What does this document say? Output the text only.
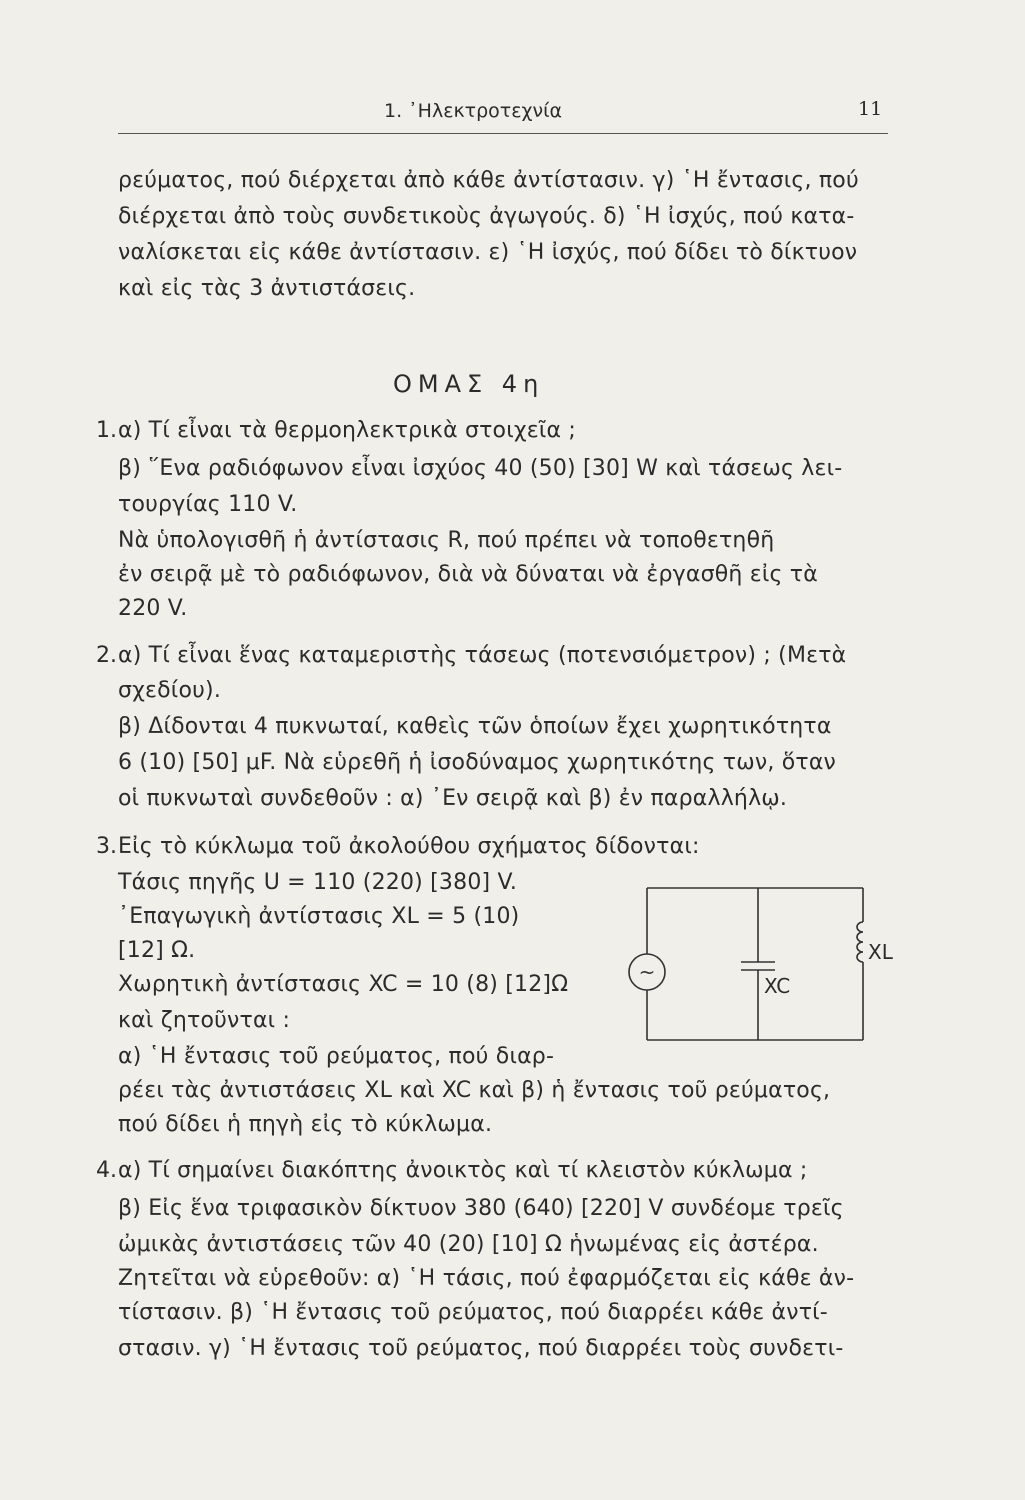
1. ᾿Ηλεκτροτεχνία	11
ρεύματος, πού διέρχεται ἀπὸ κάθε ἀντίστασιν. γ) ῾Η ἔντασις, πού
διέρχεται ἀπὸ τοὺς συνδετικοὺς ἀγωγούς. δ) ῾Η ἰσχύς, πού κατα-
ναλίσκεται εἰς κάθε ἀντίστασιν. ε) ῾Η ἰσχύς, πού δίδει τὸ δίκτυον
καὶ εἰς τὰς 3 ἀντιστάσεις.
ΟΜΑΣ 4η
1. α) Τί εἶναι τὰ θερμοηλεκτρικὰ στοιχεῖα ;
β) ῞Ενα ραδιόφωνον εἶναι ἰσχύος 40 (50) [30] W καὶ τάσεως λει-
τουργίας 110 V.
Νὰ ὑπολογισθῆ ἡ ἀντίστασις R, πού πρέπει νὰ τοποθετηθῆ
ἐν σειρᾷ μὲ τὸ ραδιόφωνον, διὰ νὰ δύναται νὰ ἐργασθῆ εἰς τὰ
220 V.
2. α) Τί εἶναι ἕνας καταμεριστὴς τάσεως (ποτενσιόμετρον) ; (Μετὰ
σχεδίου).
β) Δίδονται 4 πυκνωταί, καθεὶς τῶν ὁποίων ἔχει χωρητικότητα
6 (10) [50] μF. Νὰ εὑρεθῆ ἡ ἰσοδύναμος χωρητικότης των, ὅταν
οἱ πυκνωταὶ συνδεθοῦν : α) ᾿Εν σειρᾷ καὶ β) ἐν παραλλήλῳ.
3. Εἰς τὸ κύκλωμα τοῦ ἀκολούθου σχήματος δίδονται:
Τάσις πηγῆς U = 110 (220) [380] V.
᾿Επαγωγικὴ ἀντίστασις XL = 5 (10)
[12] Ω.
Χωρητικὴ ἀντίστασις XC = 10 (8) [12]Ω
καὶ ζητοῦνται :
α) ῾Η ἔντασις τοῦ ρεύματος, πού διαρ-
ρέει τὰς ἀντιστάσεις XL καὶ XC καὶ β) ἡ ἔντασις τοῦ ρεύματος,
πού δίδει ἡ πηγὴ εἰς τὸ κύκλωμα.
~
XL
XC
4. α) Τί σημαίνει διακόπτης ἀνοικτὸς καὶ τί κλειστὸν κύκλωμα ;
β) Εἰς ἕνα τριφασικὸν δίκτυον 380 (640) [220] V συνδέομε τρεῖς
ὠμικὰς ἀντιστάσεις τῶν 40 (20) [10] Ω ἡνωμένας εἰς ἀστέρα.
Ζητεῖται νὰ εὑρεθοῦν: α) ῾Η τάσις, πού ἐφαρμόζεται εἰς κάθε ἀν-
τίστασιν. β) ῾Η ἔντασις τοῦ ρεύματος, πού διαρρέει κάθε ἀντί-
στασιν. γ) ῾Η ἔντασις τοῦ ρεύματος, πού διαρρέει τοὺς συνδετι-
